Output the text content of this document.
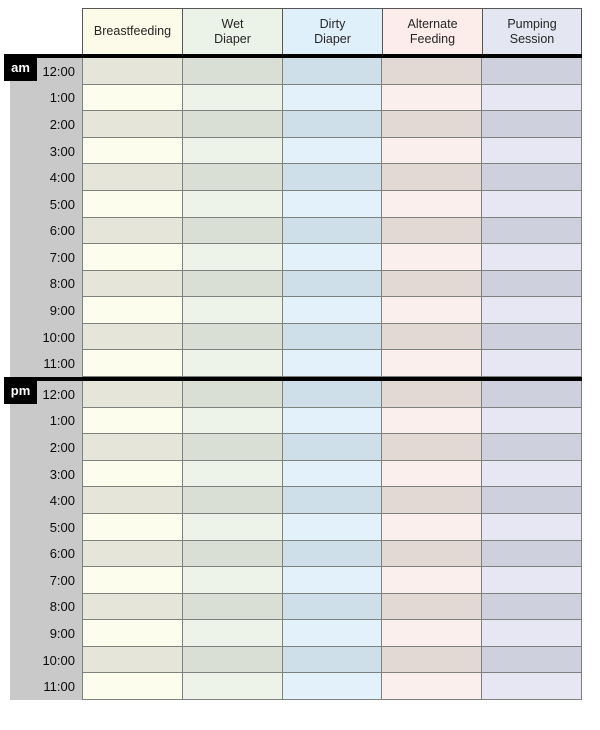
Breastfeeding
Wet
Diaper
Dirty
Diaper
Alternate
Feeding
Pumping
Session
12:00
1:00
2:00
3:00
4:00
5:00
6:00
7:00
8:00
9:00
10:00
11:00
12:00
1:00
2:00
3:00
4:00
5:00
6:00
7:00
8:00
9:00
10:00
11:00
am
pm
